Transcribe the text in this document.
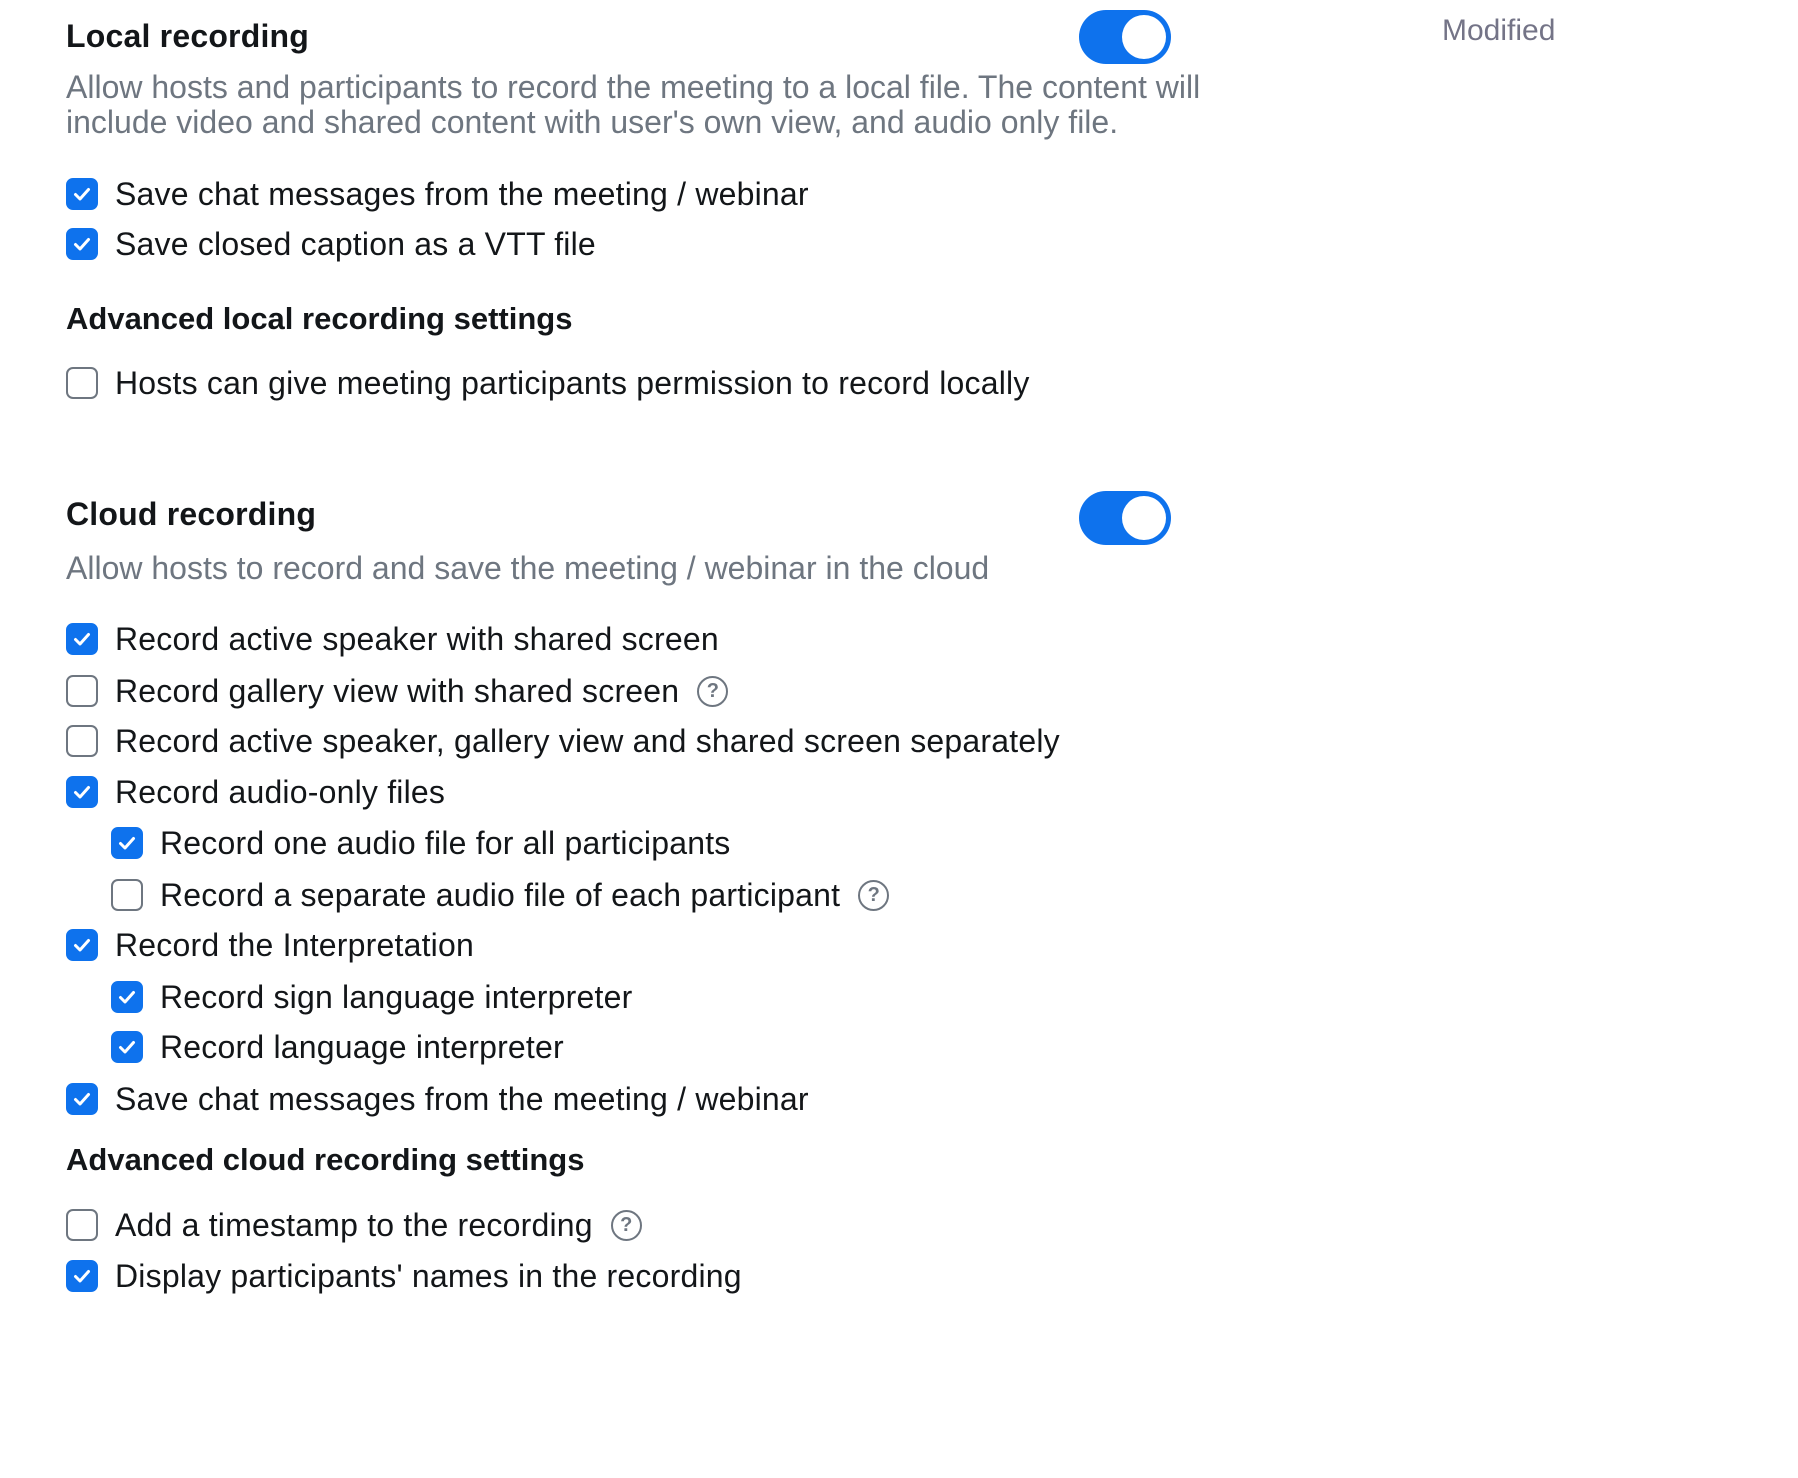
Local recording	Modified
Allow hosts and participants to record the meeting to a local file. The content will
include video and shared content with user's own view, and audio only file.
Save chat messages from the meeting / webinar
Save closed caption as a VTT file
Advanced local recording settings
Hosts can give meeting participants permission to record locally
Cloud recording
Allow hosts to record and save the meeting / webinar in the cloud
Record active speaker with shared screen
Record gallery view with shared screen	?
Record active speaker, gallery view and shared screen separately
Record audio-only files
Record one audio file for all participants
Record a separate audio file of each participant	?
Record the Interpretation
Record sign language interpreter
Record language interpreter
Save chat messages from the meeting / webinar
Advanced cloud recording settings
Add a timestamp to the recording	?
Display participants' names in the recording
